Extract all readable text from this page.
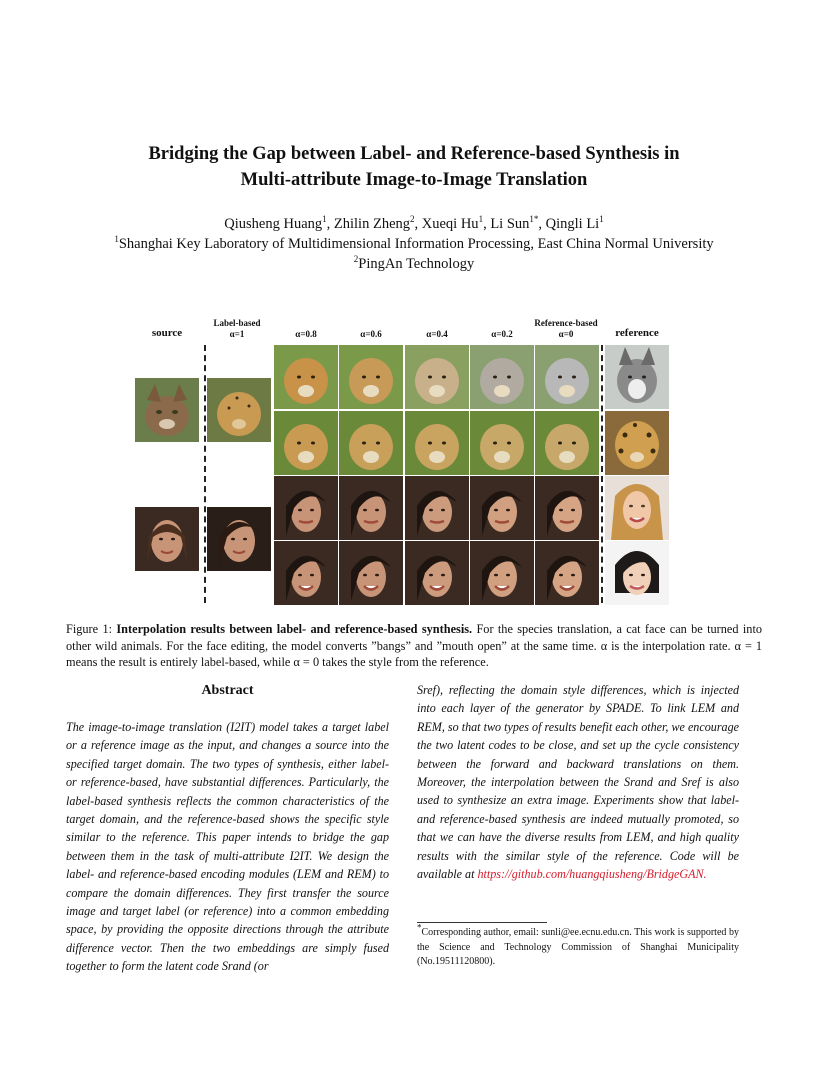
Bridging the Gap between Label- and Reference-based Synthesis in
Multi-attribute Image-to-Image Translation
Qiusheng Huang$^1$, Zhilin Zheng$^2$, Xueqi Hu$^1$, Li Sun$^{1*}$, Qingli Li$^1$
$^1$Shanghai Key Laboratory of Multidimensional Information Processing, East China Normal University
$^2$PingAn Technology
source
Label-based
α=1	α=0.8	α=0.6	α=0.4	α=0.2
Reference-based
α=0	reference
Figure 1: Interpolation results between label- and reference-based synthesis. For the species translation, a cat face can be turned into other wild animals. For the face editing, the model converts ”bangs” and ”mouth open” at the same time. α is the interpolation rate. α = 1 means the result is entirely label-based, while α = 0 takes the style from the reference.
Abstract
The image-to-image translation (I2IT) model takes a target label or a reference image as the input, and changes a source into the specified target domain. The two types of synthesis, either label- or reference-based, have substantial differences. Particularly, the label-based synthesis reflects the common characteristics of the target domain, and the reference-based shows the specific style similar to the reference. This paper intends to bridge the gap between them in the task of multi-attribute I2IT. We design the label- and reference-based encoding modules (LEM and REM) to compare the domain differences. They first transfer the source image and target label (or reference) into a common embedding space, by providing the opposite directions through the attribute difference vector. Then the two embeddings are simply fused together to form the latent code Srand (or
Sref), reflecting the domain style differences, which is injected into each layer of the generator by SPADE. To link LEM and REM, so that two types of results benefit each other, we encourage the two latent codes to be close, and set up the cycle consistency between the forward and backward translations on them. Moreover, the interpolation between the Srand and Sref is also used to synthesize an extra image. Experiments show that label- and reference-based synthesis are indeed mutually promoted, so that we can have the diverse results from LEM, and high quality results with the similar style of the reference. Code will be available at https://github.com/huangqiusheng/BridgeGAN.
*Corresponding author, email: sunli@ee.ecnu.edu.cn. This work is supported by the Science and Technology Commission of Shanghai Municipality (No.19511120800).
